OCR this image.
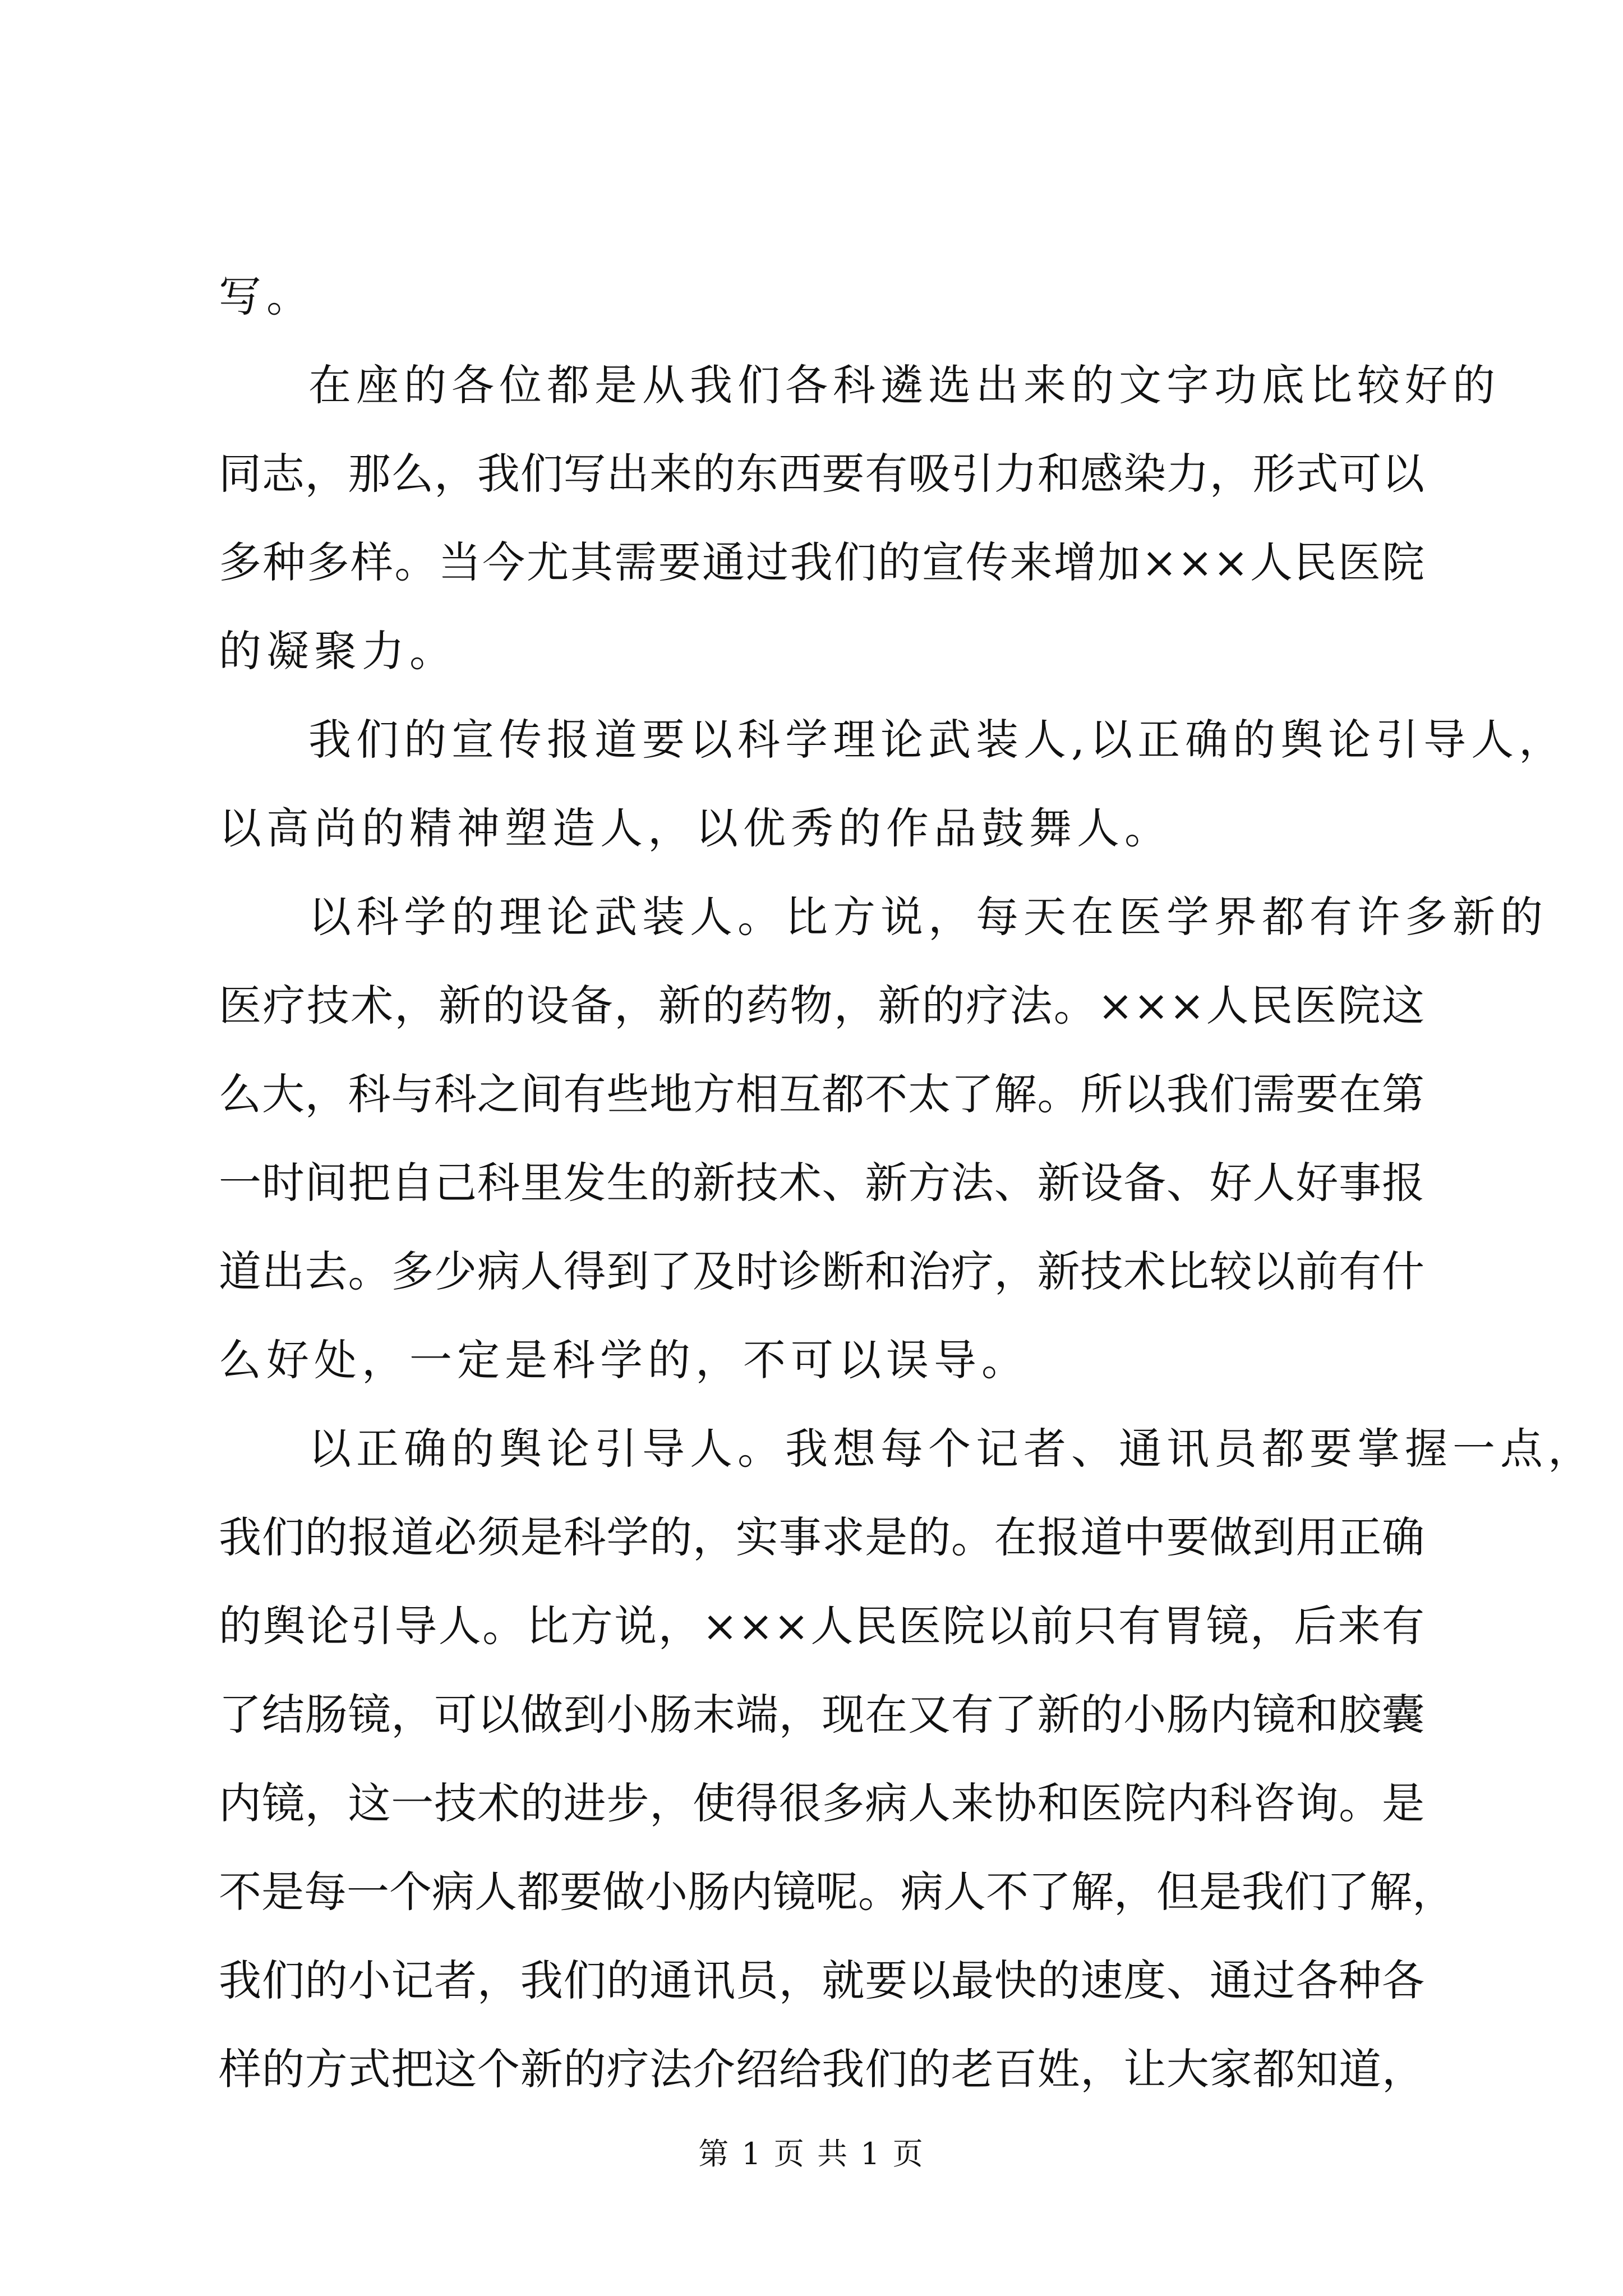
写。
在座的各位都是从我们各科遴选出来的文字功底比较好的
同志，那么，我们写出来的东西要有吸引力和感染力，形式可以
多种多样。当今尤其需要通过我们的宣传来增加×××人民医院
的凝聚力。
我们的宣传报道要以科学理论武装人,以正确的舆论引导人，
以高尚的精神塑造人，以优秀的作品鼓舞人。
以科学的理论武装人。比方说，每天在医学界都有许多新的
医疗技术，新的设备，新的药物，新的疗法。×××人民医院这
么大，科与科之间有些地方相互都不太了解。所以我们需要在第
一时间把自己科里发生的新技术、新方法、新设备、好人好事报
道出去。多少病人得到了及时诊断和治疗，新技术比较以前有什
么好处，一定是科学的，不可以误导。
以正确的舆论引导人。我想每个记者、通讯员都要掌握一点，
我们的报道必须是科学的，实事求是的。在报道中要做到用正确
的舆论引导人。比方说，×××人民医院以前只有胃镜，后来有
了结肠镜，可以做到小肠末端，现在又有了新的小肠内镜和胶囊
内镜，这一技术的进步，使得很多病人来协和医院内科咨询。是
不是每一个病人都要做小肠内镜呢。病人不了解，但是我们了解，
我们的小记者，我们的通讯员，就要以最快的速度、通过各种各
样的方式把这个新的疗法介绍给我们的老百姓，让大家都知道，
第 1 页 共 1 页
